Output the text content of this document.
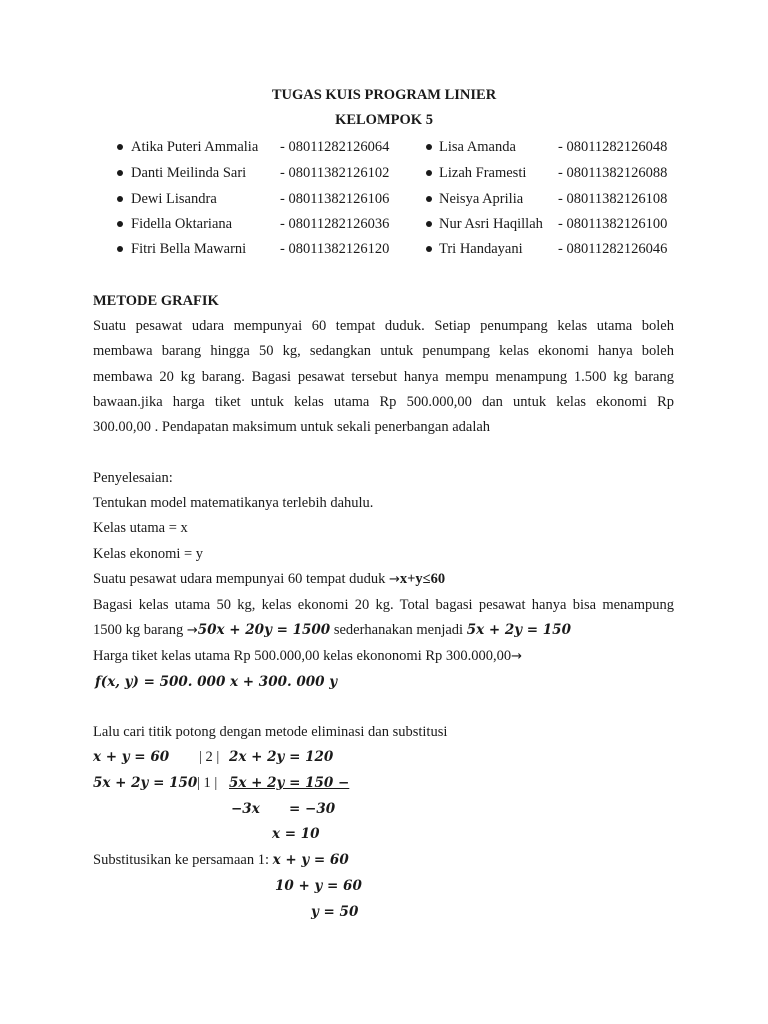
TUGAS KUIS PROGRAM LINIER
KELOMPOK 5
Atika Puteri Ammalia - 08011282126064
Danti Meilinda Sari - 08011382126102
Dewi Lisandra	- 08011382126106
Fidella Oktariana	- 08011282126036
Fitri Bella Mawarni - 08011382126120
Lisa Amanda	- 08011282126048
Lizah Framesti - 08011382126088
Neisya Aprilia - 08011382126108
Nur Asri Haqillah - 08011382126100
Tri Handayani - 08011282126046
METODE GRAFIK
Suatu pesawat udara mempunyai 60 tempat duduk. Setiap penumpang kelas utama boleh
membawa barang hingga 50 kg, sedangkan untuk penumpang kelas ekonomi hanya boleh
membawa 20 kg barang. Bagasi pesawat tersebut hanya mempu menampung 1.500 kg barang
bawaan.jika harga tiket untuk kelas utama Rp 500.000,00 dan untuk kelas ekonomi Rp
300.00,00 . Pendapatan maksimum untuk sekali penerbangan adalah
Penyelesaian:
Tentukan model matematikanya terlebih dahulu.
Kelas utama = x
Kelas ekonomi = y
Suatu pesawat udara mempunyai 60 tempat duduk →x+y≤60
Bagasi kelas utama 50 kg, kelas ekonomi 20 kg. Total bagasi pesawat hanya bisa menampung
1500 kg barang →50x + 20y = 1500 sederhanakan menjadi 5x + 2y = 150
Harga tiket kelas utama Rp 500.000,00 kelas ekononomi Rp 300.000,00→
f(x, y) = 500. 000 x + 300. 000 y
Lalu cari titik potong dengan metode eliminasi dan substitusi
x + y = 60 | 2 | 2x + 2y = 120
5x + 2y = 150 | 1 | 5x + 2y = 150 −
−3x = −30
x = 10
Substitusikan ke persamaan 1: x + y = 60
10 + y = 60
y = 50
